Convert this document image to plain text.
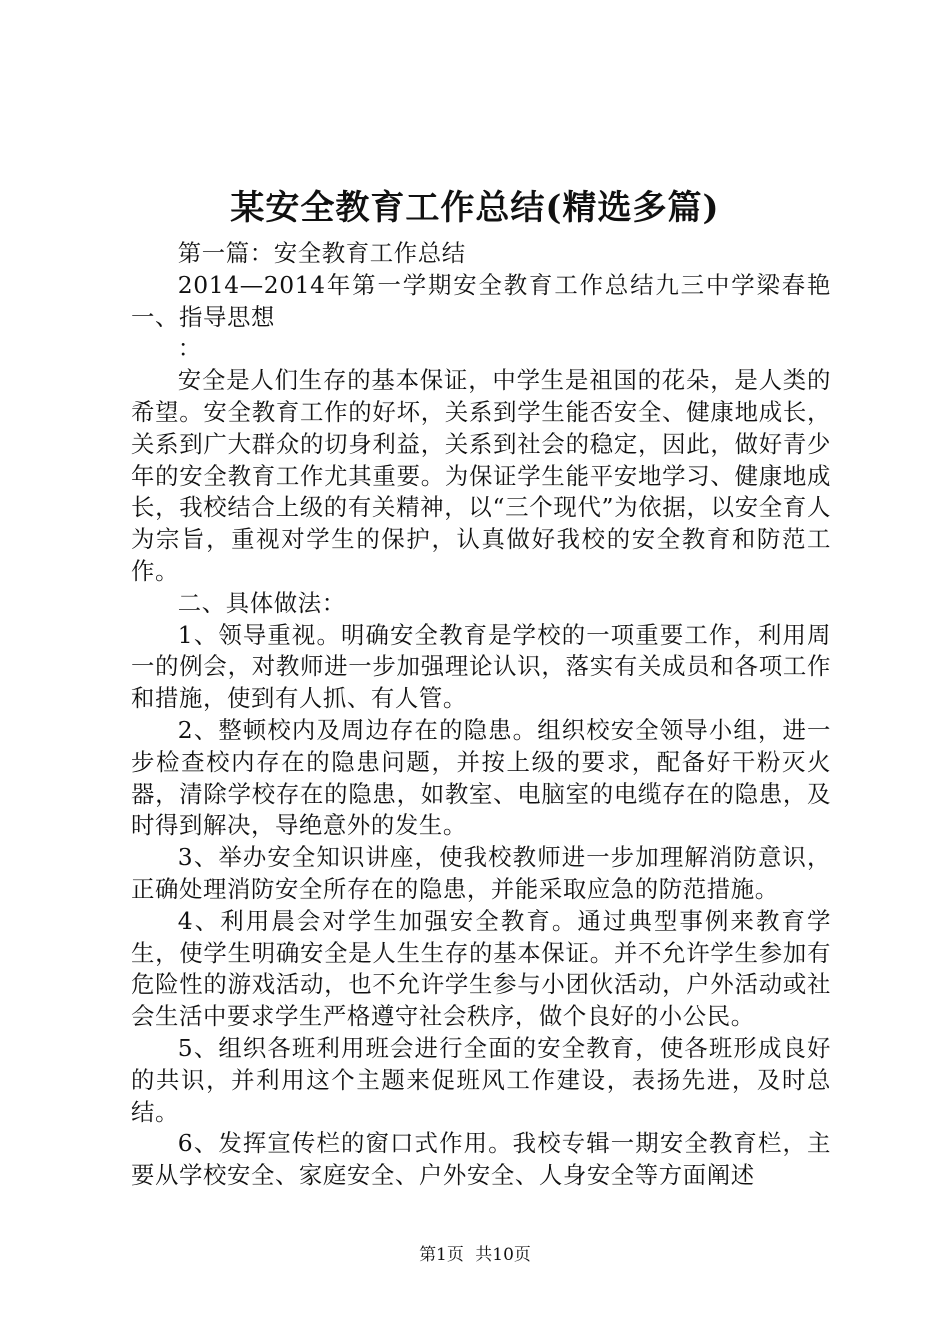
某安全教育工作总结(精选多篇)

第一篇：安全教育工作总结

2014—2014年第一学期安全教育工作总结九三中学梁春艳一、指导思想

：

安全是人们生存的基本保证，中学生是祖国的花朵，是人类的希望。安全教育工作的好坏，关系到学生能否安全、健康地成长，关系到广大群众的切身利益，关系到社会的稳定，因此，做好青少年的安全教育工作尤其重要。为保证学生能平安地学习、健康地成长，我校结合上级的有关精神，以“三个现代”为依据，以安全育人为宗旨，重视对学生的保护，认真做好我校的安全教育和防范工作。

二、具体做法：

1、领导重视。明确安全教育是学校的一项重要工作，利用周一的例会，对教师进一步加强理论认识，落实有关成员和各项工作和措施，使到有人抓、有人管。

2、整顿校内及周边存在的隐患。组织校安全领导小组，进一步检查校内存在的隐患问题，并按上级的要求，配备好干粉灭火器，清除学校存在的隐患，如教室、电脑室的电缆存在的隐患，及时得到解决，导绝意外的发生。

3、举办安全知识讲座，使我校教师进一步加理解消防意识，正确处理消防安全所存在的隐患，并能采取应急的防范措施。

4、利用晨会对学生加强安全教育。通过典型事例来教育学生，使学生明确安全是人生生存的基本保证。并不允许学生参加有危险性的游戏活动，也不允许学生参与小团伙活动，户外活动或社会生活中要求学生严格遵守社会秩序，做个良好的小公民。

5、组织各班利用班会进行全面的安全教育，使各班形成良好的共识，并利用这个主题来促班风工作建设，表扬先进，及时总结。

6、发挥宣传栏的窗口式作用。我校专辑一期安全教育栏，主要从学校安全、家庭安全、户外安全、人身安全等方面阐述

第1页 共10页
